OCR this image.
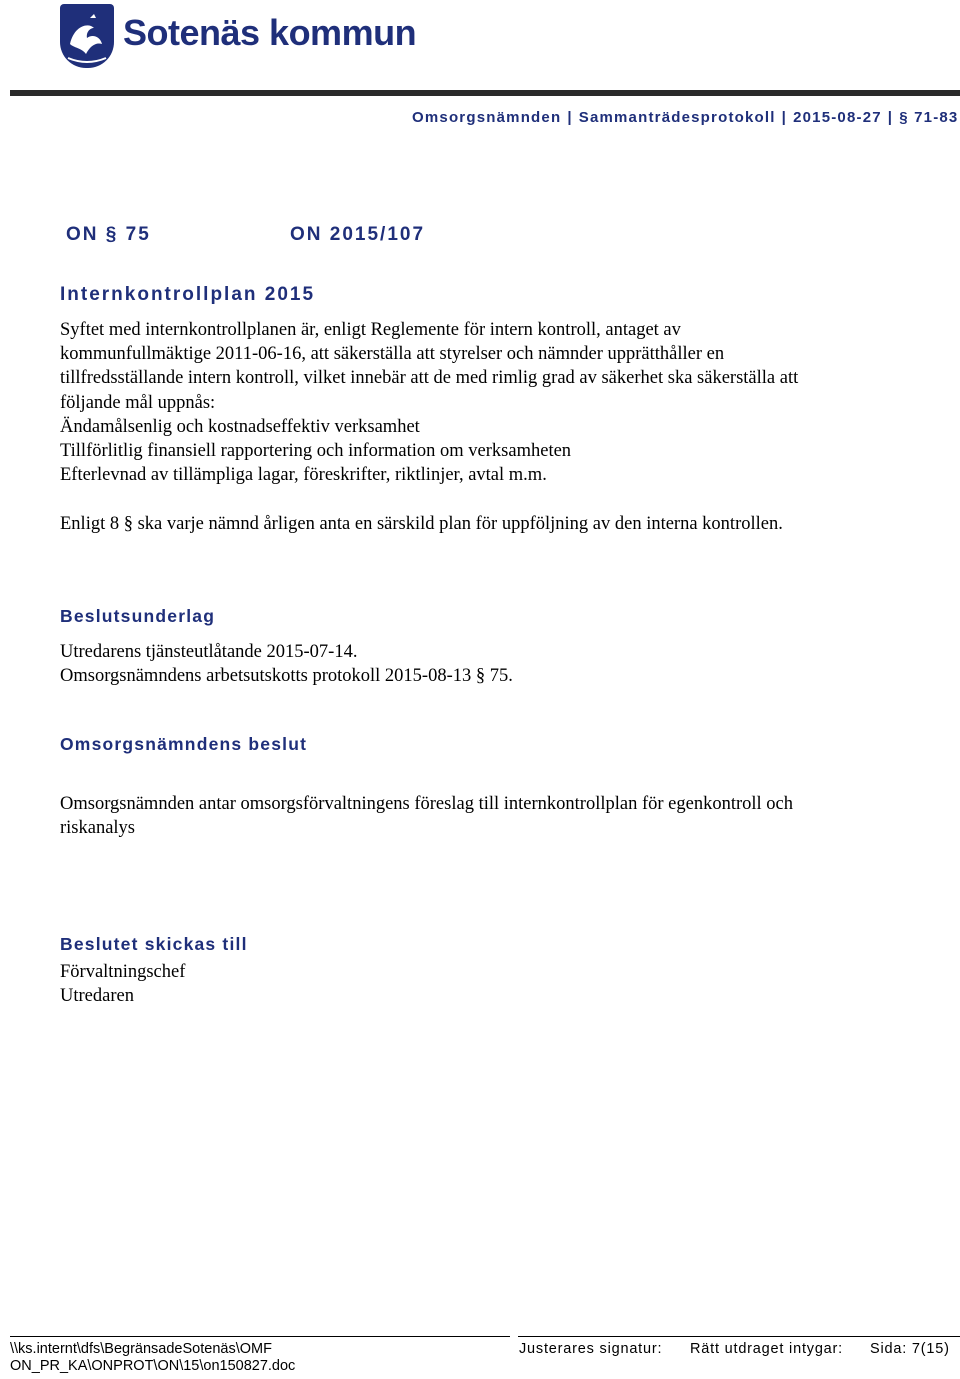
Sotenäs kommun
Omsorgsnämnden | Sammanträdesprotokoll | 2015-08-27 | § 71-83
ON § 75	ON 2015/107
Internkontrollplan 2015
Syftet med internkontrollplanen är, enligt Reglemente för intern kontroll, antaget av
kommunfullmäktige 2011-06-16, att säkerställa att styrelser och nämnder upprätthåller en
tillfredsställande intern kontroll, vilket innebär att de med rimlig grad av säkerhet ska säkerställa att
följande mål uppnås:
Ändamålsenlig och kostnadseffektiv verksamhet
Tillförlitlig finansiell rapportering och information om verksamheten
Efterlevnad av tillämpliga lagar, föreskrifter, riktlinjer, avtal m.m.
Enligt 8 § ska varje nämnd årligen anta en särskild plan för uppföljning av den interna kontrollen.
Beslutsunderlag
Utredarens tjänsteutlåtande 2015-07-14.
Omsorgsnämndens arbetsutskotts protokoll 2015-08-13 § 75.
Omsorgsnämndens beslut
Omsorgsnämnden antar omsorgsförvaltningens föreslag till internkontrollplan för egenkontroll och
riskanalys
Beslutet skickas till
Förvaltningschef
Utredaren
\\ks.internt\dfs\BegränsadeSotenäs\OMF
ON_PR_KA\ONPROT\ON\15\on150827.doc
Justerares signatur: Rätt utdraget intygar: Sida: 7(15)
